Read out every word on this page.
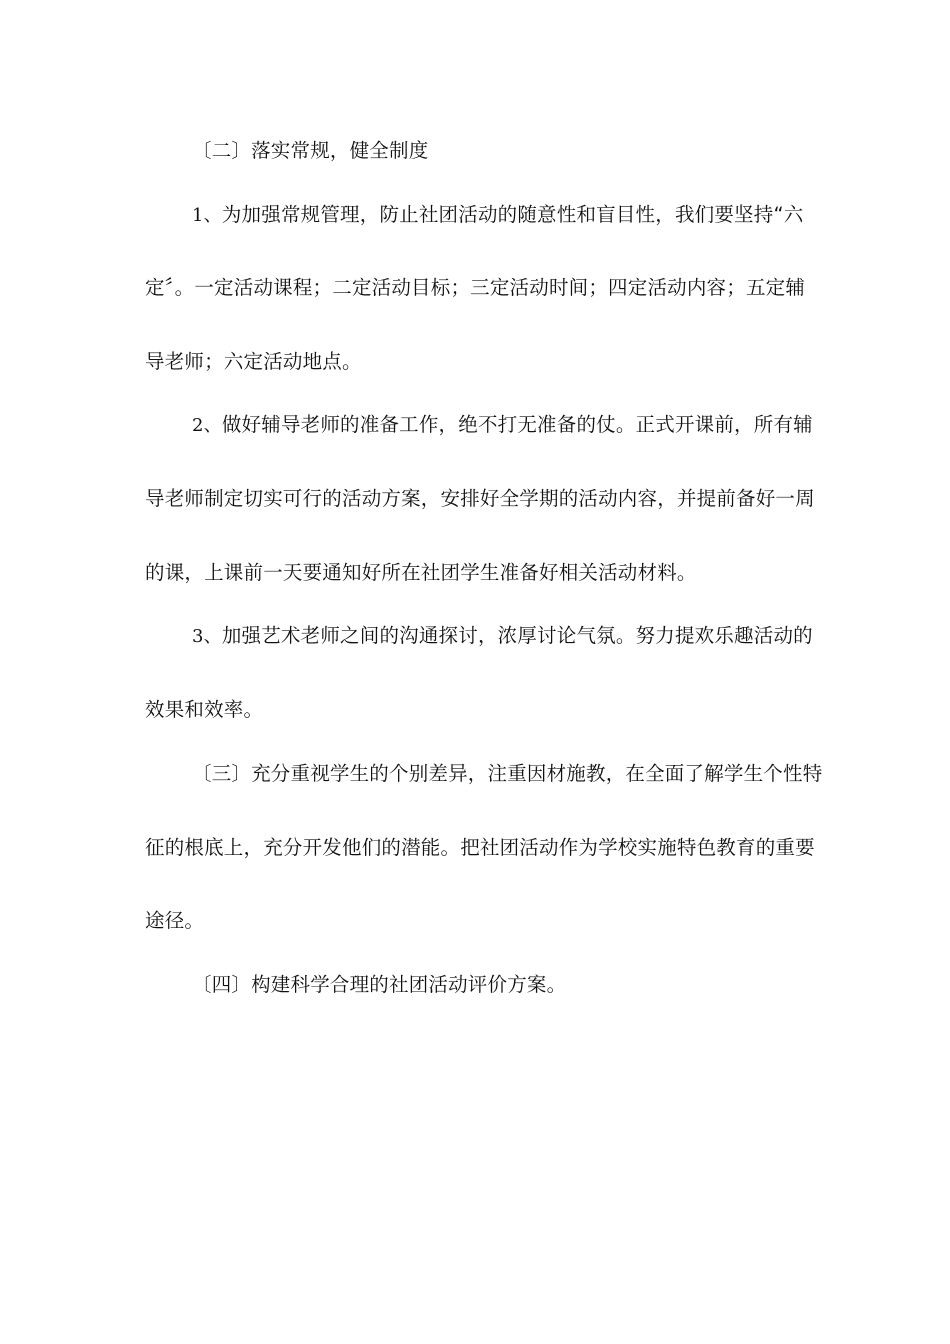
〔二〕落实常规，健全制度
1、为加强常规管理，防止社团活动的随意性和盲目性，我们要坚持“六
定〞。一定活动课程；二定活动目标；三定活动时间；四定活动内容；五定辅
导老师；六定活动地点。
2、做好辅导老师的准备工作，绝不打无准备的仗。正式开课前，所有辅
导老师制定切实可行的活动方案，安排好全学期的活动内容，并提前备好一周
的课，上课前一天要通知好所在社团学生准备好相关活动材料。
3、加强艺术老师之间的沟通探讨，浓厚讨论气氛。努力提欢乐趣活动的
效果和效率。
〔三〕充分重视学生的个别差异，注重因材施教，在全面了解学生个性特
征的根底上，充分开发他们的潜能。把社团活动作为学校实施特色教育的重要
途径。
〔四〕构建科学合理的社团活动评价方案。
